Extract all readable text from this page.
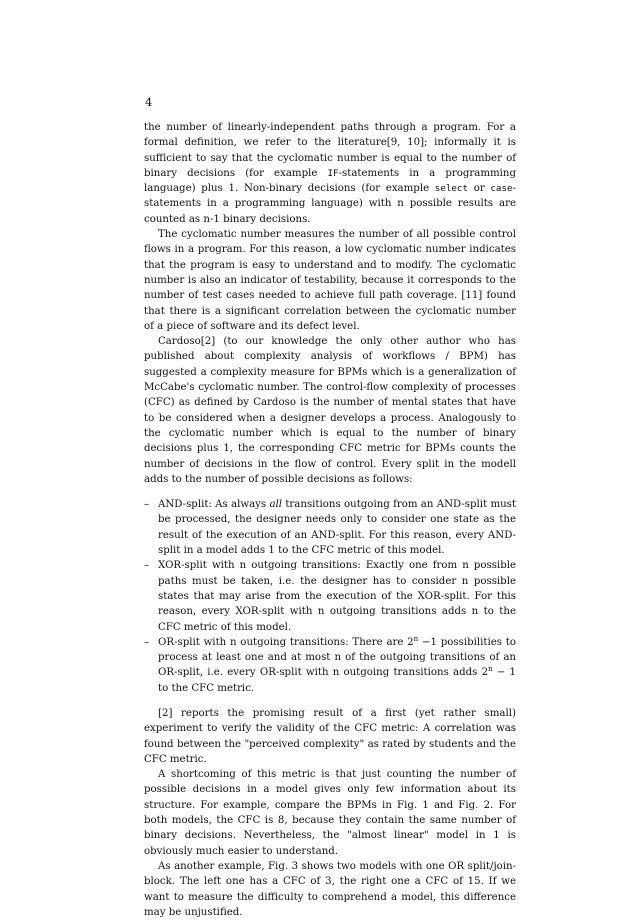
4

the number of linearly-independent paths through a program. For a formal definition, we refer to the literature[9, 10]; informally it is sufficient to say that the cyclomatic number is equal to the number of binary decisions (for example IF-statements in a programming language) plus 1. Non-binary decisions (for example select or case-statements in a programming language) with n possible results are counted as n-1 binary decisions.

The cyclomatic number measures the number of all possible control flows in a program. For this reason, a low cyclomatic number indicates that the program is easy to understand and to modify. The cyclomatic number is also an indicator of testability, because it corresponds to the number of test cases needed to achieve full path coverage. [11] found that there is a significant correlation between the cyclomatic number of a piece of software and its defect level.

Cardoso[2] (to our knowledge the only other author who has published about complexity analysis of workflows / BPM) has suggested a complexity measure for BPMs which is a generalization of McCabe's cyclomatic number. The control-flow complexity of processes (CFC) as defined by Cardoso is the number of mental states that have to be considered when a designer develops a process. Analogously to the cyclomatic number which is equal to the number of binary decisions plus 1, the corresponding CFC metric for BPMs counts the number of decisions in the flow of control. Every split in the modell adds to the number of possible decisions as follows:

– AND-split: As always all transitions outgoing from an AND-split must be processed, the designer needs only to consider one state as the result of the execution of an AND-split. For this reason, every AND-split in a model adds 1 to the CFC metric of this model.
– XOR-split with n outgoing transitions: Exactly one from n possible paths must be taken, i.e. the designer has to consider n possible states that may arise from the execution of the XOR-split. For this reason, every XOR-split with n outgoing transitions adds n to the CFC metric of this model.
– OR-split with n outgoing transitions: There are $2^n -1$ possibilities to process at least one and at most n of the outgoing transitions of an OR-split, i.e. every OR-split with n outgoing transitions adds $2^n - 1$ to the CFC metric.

[2] reports the promising result of a first (yet rather small) experiment to verify the validity of the CFC metric: A correlation was found between the "perceived complexity" as rated by students and the CFC metric.

A shortcoming of this metric is that just counting the number of possible decisions in a model gives only few information about its structure. For example, compare the BPMs in Fig. 1 and Fig. 2. For both models, the CFC is 8, because they contain the same number of binary decisions. Nevertheless, the "almost linear" model in 1 is obviously much easier to understand.

As another example, Fig. 3 shows two models with one OR split/join-block. The left one has a CFC of 3, the right one a CFC of 15. If we want to measure the difficulty to comprehend a model, this difference may be unjustified.
